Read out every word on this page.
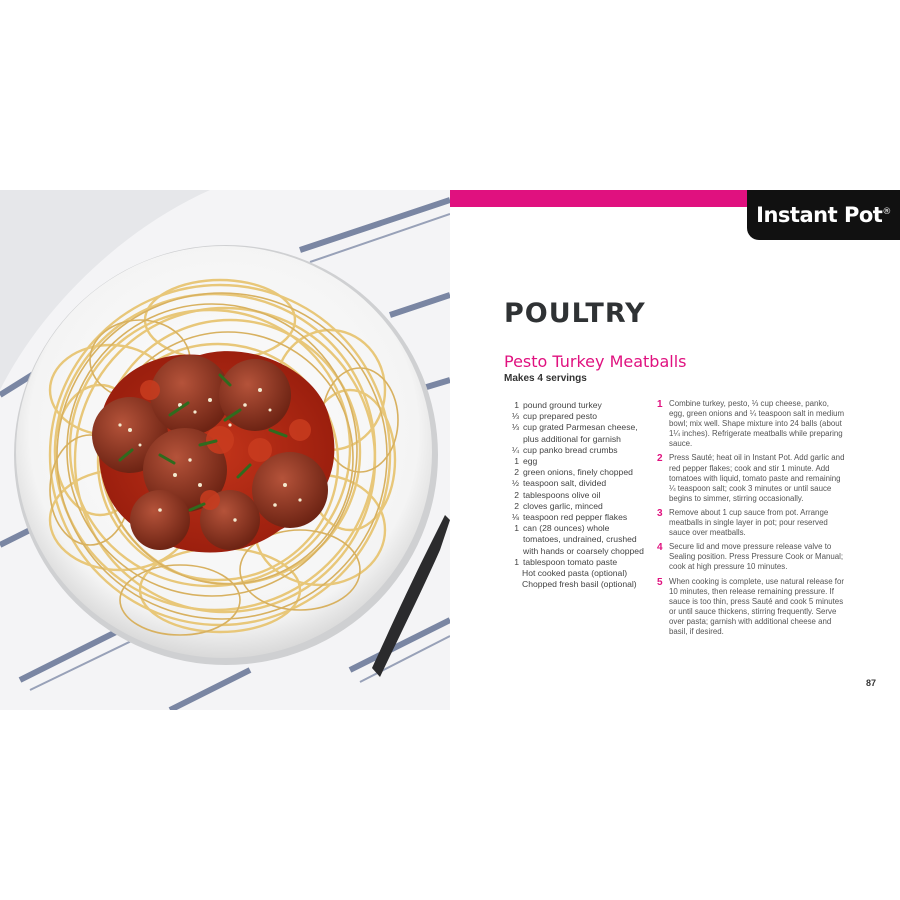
Instant Pot®
POULTRY
Pesto Turkey Meatballs
Makes 4 servings
1 pound ground turkey
⅓ cup prepared pesto
⅓ cup grated Parmesan cheese, plus additional for garnish
¼ cup panko bread crumbs
1 egg
2 green onions, finely chopped
½ teaspoon salt, divided
2 tablespoons olive oil
2 cloves garlic, minced
⅛ teaspoon red pepper flakes
1 can (28 ounces) whole tomatoes, undrained, crushed with hands or coarsely chopped
1 tablespoon tomato paste
Hot cooked pasta (optional)
Chopped fresh basil (optional)
1 Combine turkey, pesto, ⅓ cup cheese, panko, egg, green onions and ¼ teaspoon salt in medium bowl; mix well. Shape mixture into 24 balls (about 1¼ inches). Refrigerate meatballs while preparing sauce.
2 Press Sauté; heat oil in Instant Pot. Add garlic and red pepper flakes; cook and stir 1 minute. Add tomatoes with liquid, tomato paste and remaining ¼ teaspoon salt; cook 3 minutes or until sauce begins to simmer, stirring occasionally.
3 Remove about 1 cup sauce from pot. Arrange meatballs in single layer in pot; pour reserved sauce over meatballs.
4 Secure lid and move pressure release valve to Sealing position. Press Pressure Cook or Manual; cook at high pressure 10 minutes.
5 When cooking is complete, use natural release for 10 minutes, then release remaining pressure. If sauce is too thin, press Sauté and cook 5 minutes or until sauce thickens, stirring frequently. Serve over pasta; garnish with additional cheese and basil, if desired.
87
